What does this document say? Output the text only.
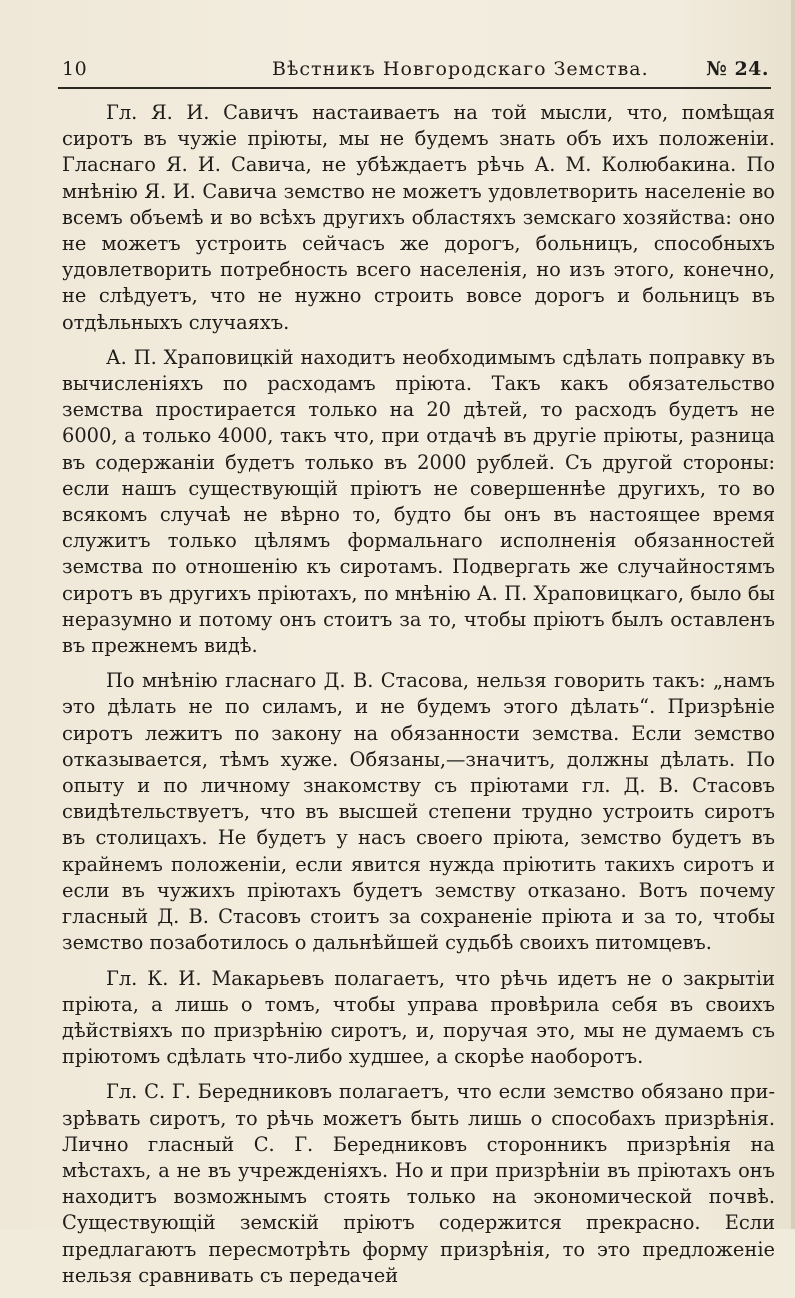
10	Вѣстникъ Новгородскаго Земства.	№ 24.

Гл. Я. И. Савичъ настаиваетъ на той мысли, что, помѣщая сиротъ въ чужіе пріюты, мы не будемъ знать объ ихъ положеніи. Гласнаго Я. И. Савича, не убѣждаетъ рѣчь А. М. Колюбакина. По мнѣнію Я. И. Савича земство не можетъ удовлетворить населеніе во всемъ объемѣ и во всѣхъ другихъ областяхъ земскаго хозяйства: оно не можетъ устроить сейчасъ же дорогъ, больницъ, способныхъ удовлетворить потребность всего населенія, но изъ этого, конечно, не слѣдуетъ, что не нужно строить вовсе дорогъ и больницъ въ отдѣльныхъ случаяхъ.

А. П. Храповицкій находитъ необходимымъ сдѣлать поправку въ вычисленіяхъ по расходамъ пріюта. Такъ какъ обязательство земства простирается только на 20 дѣтей, то расходъ будетъ не 6000, а только 4000, такъ что, при отдачѣ въ другіе пріюты, разница въ содержаніи будетъ только въ 2000 рублей. Съ другой стороны: если нашъ существующій пріютъ не совершеннѣе другихъ, то во всякомъ случаѣ не вѣрно то, будто бы онъ въ настоящее время служитъ только цѣлямъ формальнаго исполненія обязанностей земства по отношенію къ сиротамъ. Подвергать же случайностямъ сиротъ въ другихъ пріютахъ, по мнѣнію А. П. Храповицкаго, было бы неразумно и потому онъ стоитъ за то, чтобы пріютъ былъ оставленъ въ прежнемъ видѣ.

По мнѣнію гласнаго Д. В. Стасова, нельзя говорить такъ: „намъ это дѣлать не по силамъ, и не будемъ этого дѣлать“. Призрѣніе сиротъ лежитъ по закону на обязанности земства. Если земство отказывается, тѣмъ хуже. Обязаны,—значитъ, должны дѣлать. По опыту и по личному знакомству съ пріютами гл. Д. В. Стасовъ свидѣтельствуетъ, что въ высшей степени трудно устроить сиротъ въ столицахъ. Не будетъ у насъ своего пріюта, земство будетъ въ крайнемъ положеніи, если явится нужда пріютить такихъ сиротъ и если въ чужихъ пріютахъ будетъ земству отказано. Вотъ почему гласный Д. В. Стасовъ стоитъ за сохраненіе пріюта и за то, чтобы земство позаботилось о дальнѣйшей судьбѣ своихъ питомцевъ.

Гл. К. И. Макарьевъ полагаетъ, что рѣчь идетъ не о закрытіи пріюта, а лишь о томъ, чтобы управа провѣрила себя въ своихъ дѣйствіяхъ по призрѣнію сиротъ, и, поручая это, мы не думаемъ съ пріютомъ сдѣлать что-либо худшее, а скорѣе наоборотъ.

Гл. С. Г. Бередниковъ полагаетъ, что если земство обязано призрѣвать сиротъ, то рѣчь можетъ быть лишь о способахъ призрѣнія. Лично гласный С. Г. Бередниковъ сторонникъ призрѣнія на мѣстахъ, а не въ учрежденіяхъ. Но и при призрѣніи въ пріютахъ онъ находитъ возможнымъ стоять только на экономической почвѣ. Существующій земскій пріютъ содержится прекрасно. Если предлагаютъ пересмотрѣть форму призрѣнія, то это предложеніе нельзя сравнивать съ передачей
